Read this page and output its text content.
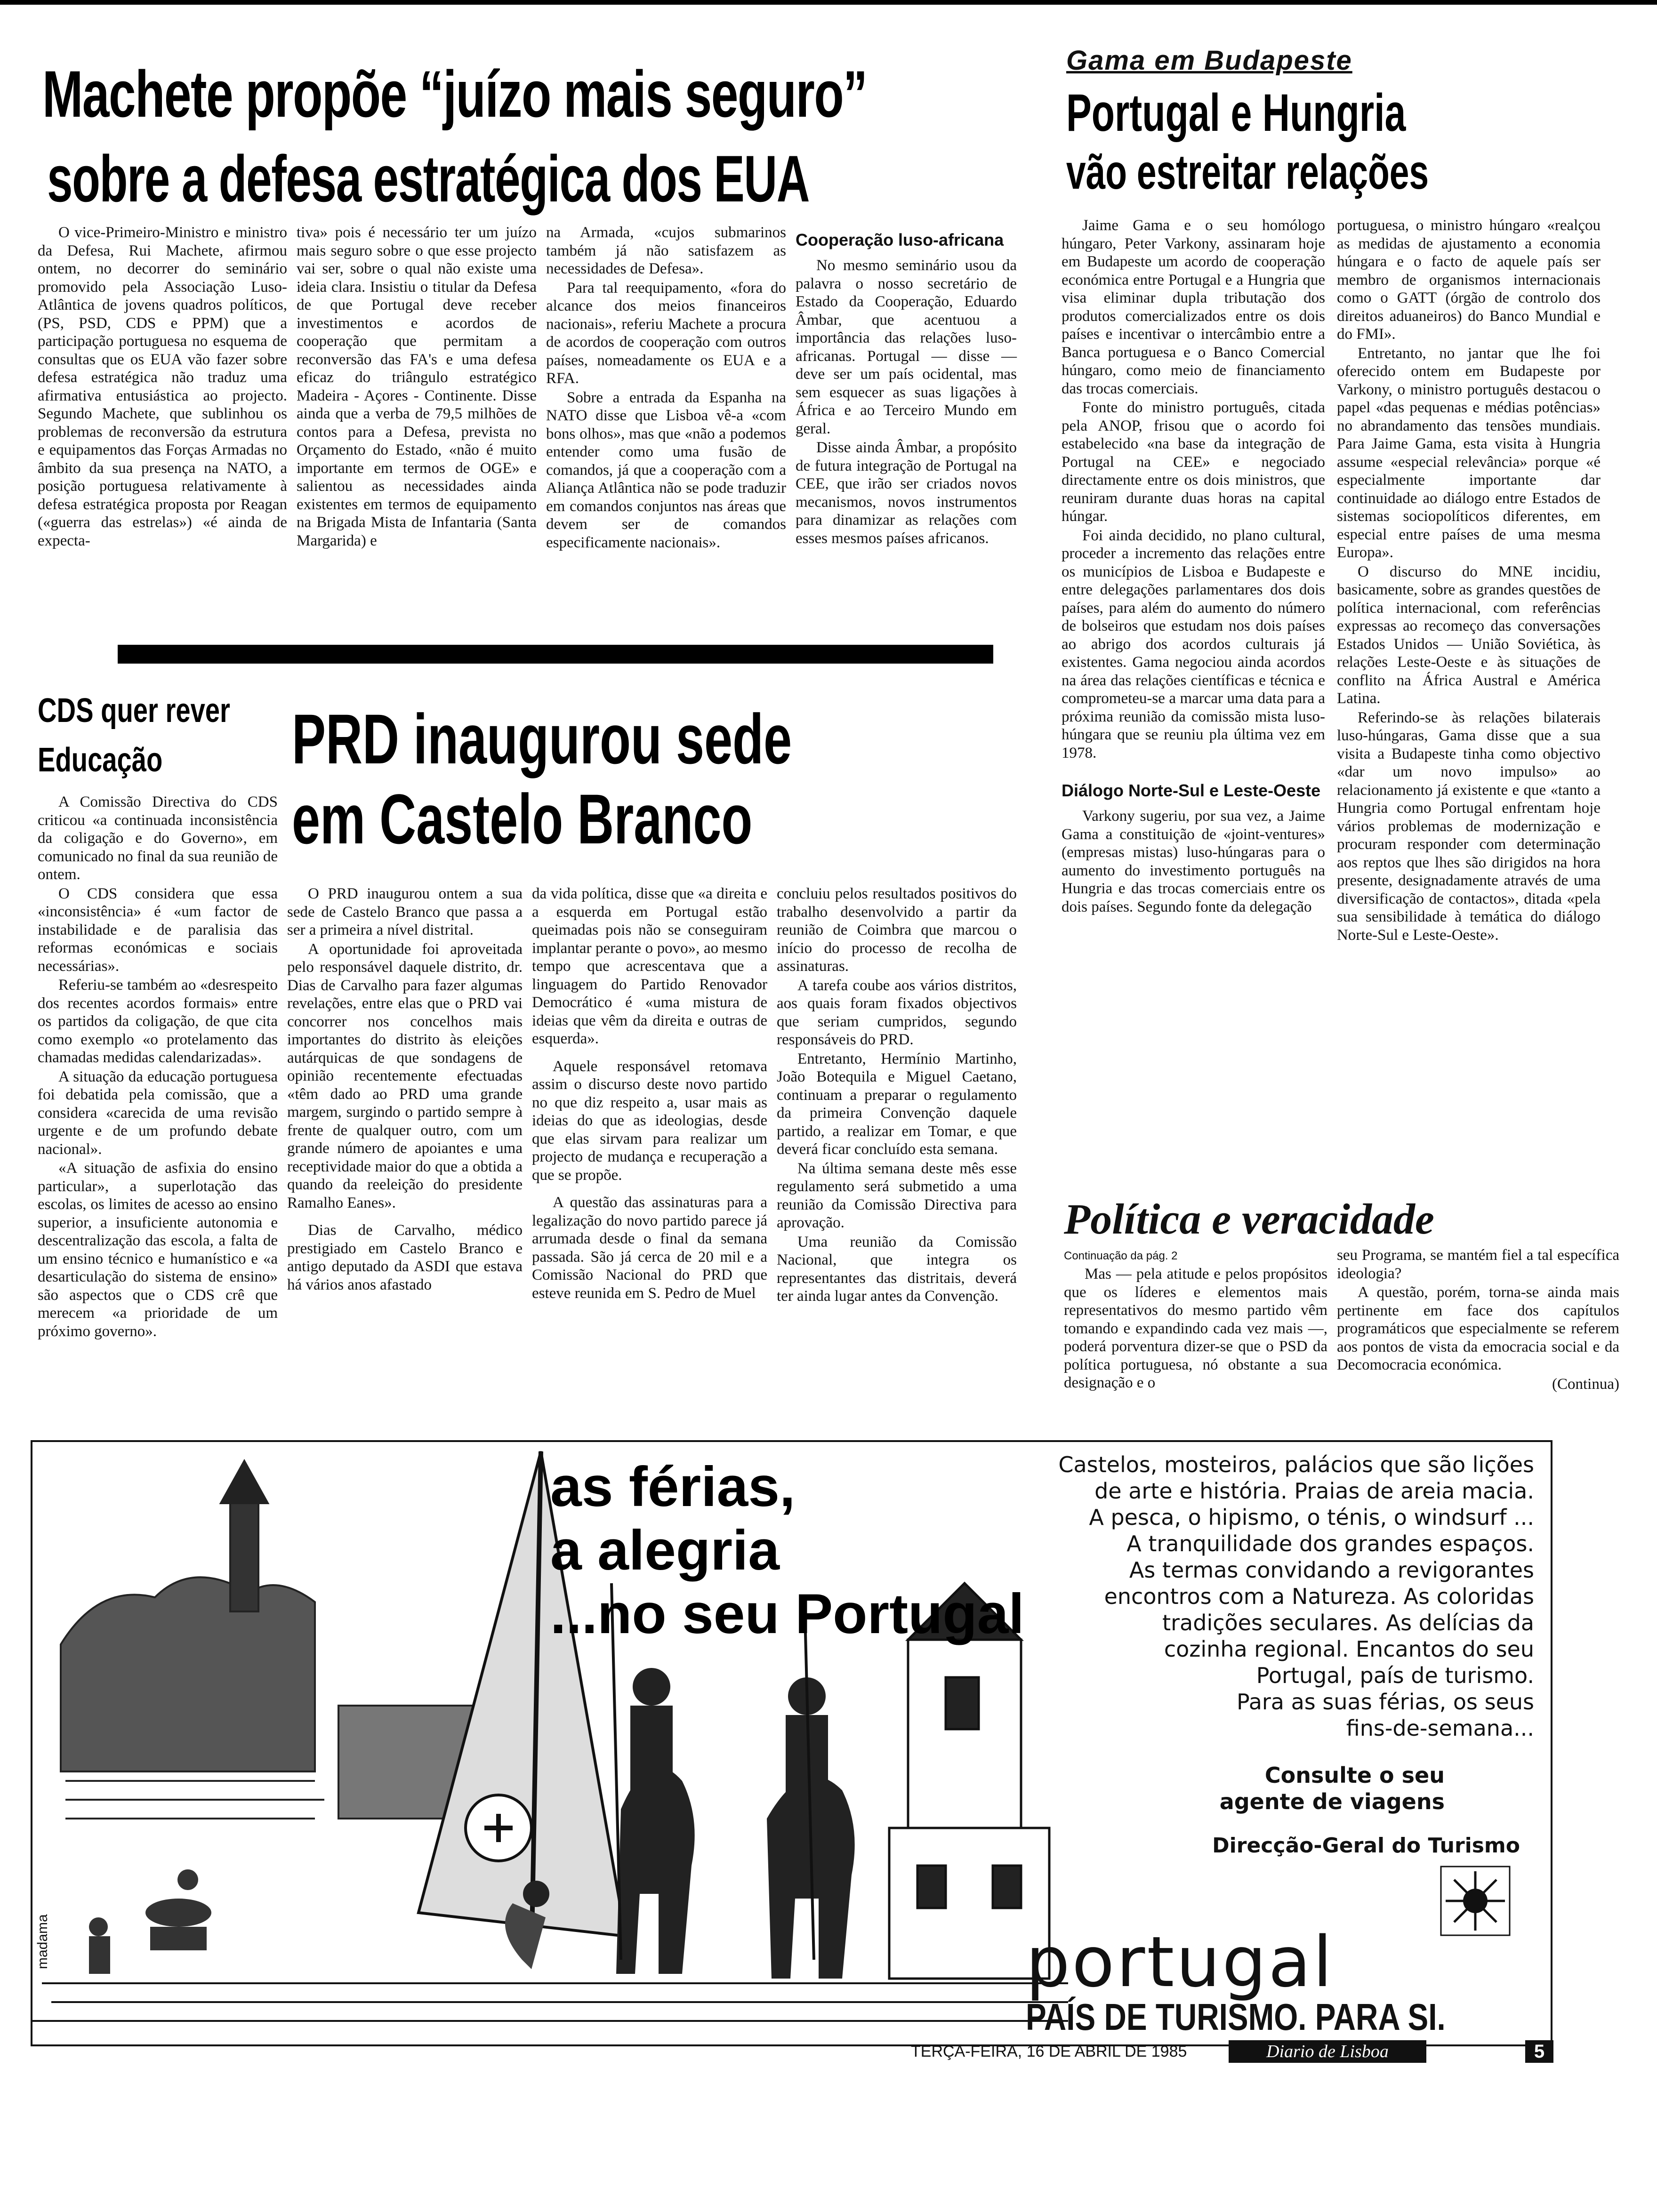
Machete propõe “juízo mais seguro”
sobre a defesa estratégica dos EUA

O vice-Primeiro-Ministro e ministro da Defesa, Rui Machete, afirmou ontem, no decorrer do seminário promovido pela Associação Luso-Atlântica de jovens quadros políticos, (PS, PSD, CDS e PPM) que a participação portuguesa no esquema de consultas que os EUA vão fazer sobre defesa estratégica não traduz uma afirmativa entusiástica ao projecto. Segundo Machete, que sublinhou os problemas de reconversão da estrutura e equipamentos das Forças Armadas no âmbito da sua presença na NATO, a posição portuguesa relativamente à defesa estratégica proposta por Reagan («guerra das estrelas») «é ainda de expecta-

tiva» pois é necessário ter um juízo mais seguro sobre o que esse projecto vai ser, sobre o qual não existe uma ideia clara. Insistiu o titular da Defesa de que Portugal deve receber investimentos e acordos de cooperação que permitam a reconversão das FA's e uma defesa eficaz do triângulo estratégico Madeira - Açores - Continente. Disse ainda que a verba de 79,5 milhões de contos para a Defesa, prevista no Orçamento do Estado, «não é muito importante em termos de OGE» e salientou as necessidades ainda existentes em termos de equipamento na Brigada Mista de Infantaria (Santa Margarida) e

na Armada, «cujos submarinos também já não satisfazem as necessidades de Defesa».

Para tal reequipamento, «fora do alcance dos meios financeiros nacionais», referiu Machete a procura de acordos de cooperação com outros países, nomeadamente os EUA e a RFA.

Sobre a entrada da Espanha na NATO disse que Lisboa vê-a «com bons olhos», mas que «não a podemos entender como uma fusão de comandos, já que a cooperação com a Aliança Atlântica não se pode traduzir em comandos conjuntos nas áreas que devem ser de comandos especificamente nacionais».

Cooperação luso-africana

No mesmo seminário usou da palavra o nosso secretário de Estado da Cooperação, Eduardo Âmbar, que acentuou a importância das relações luso-africanas. Portugal — disse — deve ser um país ocidental, mas sem esquecer as suas ligações à África e ao Terceiro Mundo em geral.

Disse ainda Âmbar, a propósito de futura integração de Portugal na CEE, que irão ser criados novos mecanismos, novos instrumentos para dinamizar as relações com esses mesmos países africanos.

Gama em Budapeste
Portugal e Hungria
vão estreitar relações

Jaime Gama e o seu homólogo húngaro, Peter Varkony, assinaram hoje em Budapeste um acordo de cooperação económica entre Portugal e a Hungria que visa eliminar dupla tributação dos produtos comercializados entre os dois países e incentivar o intercâmbio entre a Banca portuguesa e o Banco Comercial húngaro, como meio de financiamento das trocas comerciais.

Fonte do ministro português, citada pela ANOP, frisou que o acordo foi estabelecido «na base da integração de Portugal na CEE» e negociado directamente entre os dois ministros, que reuniram durante duas horas na capital húngar.

Foi ainda decidido, no plano cultural, proceder a incremento das relações entre os municípios de Lisboa e Budapeste e entre delegações parlamentares dos dois países, para além do aumento do número de bolseiros que estudam nos dois países ao abrigo dos acordos culturais já existentes. Gama negociou ainda acordos na área das relações científicas e técnica e comprometeu-se a marcar uma data para a próxima reunião da comissão mista luso-húngara que se reuniu pla última vez em 1978.

Diálogo Norte-Sul e Leste-Oeste

Varkony sugeriu, por sua vez, a Jaime Gama a constituição de «joint-ventures» (empresas mistas) luso-húngaras para o aumento do investimento português na Hungria e das trocas comerciais entre os dois países. Segundo fonte da delegação

portuguesa, o ministro húngaro «realçou as medidas de ajustamento a economia húngara e o facto de aquele país ser membro de organismos internacionais como o GATT (órgão de controlo dos direitos aduaneiros) do Banco Mundial e do FMI».

Entretanto, no jantar que lhe foi oferecido ontem em Budapeste por Varkony, o ministro português destacou o papel «das pequenas e médias potências» no abrandamento das tensões mundiais. Para Jaime Gama, esta visita à Hungria assume «especial relevância» porque «é especialmente importante dar continuidade ao diálogo entre Estados de sistemas sociopolíticos diferentes, em especial entre países de uma mesma Europa».

O discurso do MNE incidiu, basicamente, sobre as grandes questões de política internacional, com referências expressas ao recomeço das conversações Estados Unidos — União Soviética, às relações Leste-Oeste e às situações de conflito na África Austral e América Latina.

Referindo-se às relações bilaterais luso-húngaras, Gama disse que a sua visita a Budapeste tinha como objectivo «dar um novo impulso» ao relacionamento já existente e que «tanto a Hungria como Portugal enfrentam hoje vários problemas de modernização e procuram responder com determinação aos reptos que lhes são dirigidos na hora presente, designadamente através de uma diversificação de contactos», ditada «pela sua sensibilidade à temática do diálogo Norte-Sul e Leste-Oeste».

CDS quer rever
Educação

A Comissão Directiva do CDS criticou «a continuada inconsistência da coligação e do Governo», em comunicado no final da sua reunião de ontem.

O CDS considera que essa «inconsistência» é «um factor de instabilidade e de paralisia das reformas económicas e sociais necessárias».

Referiu-se também ao «desrespeito dos recentes acordos formais» entre os partidos da coligação, de que cita como exemplo «o protelamento das chamadas medidas calendarizadas».

A situação da educação portuguesa foi debatida pela comissão, que a considera «carecida de uma revisão urgente e de um profundo debate nacional».

«A situação de asfixia do ensino particular», a superlotação das escolas, os limites de acesso ao ensino superior, a insuficiente autonomia e descentralização das escola, a falta de um ensino técnico e humanístico e «a desarticulação do sistema de ensino» são aspectos que o CDS crê que merecem «a prioridade de um próximo governo».

PRD inaugurou sede
em Castelo Branco

O PRD inaugurou ontem a sua sede de Castelo Branco que passa a ser a primeira a nível distrital.

A oportunidade foi aproveitada pelo responsável daquele distrito, dr. Dias de Carvalho para fazer algumas revelações, entre elas que o PRD vai concorrer nos concelhos mais importantes do distrito às eleições autárquicas de que sondagens de opinião recentemente efectuadas «têm dado ao PRD uma grande margem, surgindo o partido sempre à frente de qualquer outro, com um grande número de apoiantes e uma receptividade maior do que a obtida a quando da reeleição do presidente Ramalho Eanes».

Dias de Carvalho, médico prestigiado em Castelo Branco e antigo deputado da ASDI que estava há vários anos afastado

da vida política, disse que «a direita e a esquerda em Portugal estão queimadas pois não se conseguiram implantar perante o povo», ao mesmo tempo que acrescentava que a linguagem do Partido Renovador Democrático é «uma mistura de ideias que vêm da direita e outras de esquerda».

Aquele responsável retomava assim o discurso deste novo partido no que diz respeito a, usar mais as ideias do que as ideologias, desde que elas sirvam para realizar um projecto de mudança e recuperação a que se propõe.

A questão das assinaturas para a legalização do novo partido parece já arrumada desde o final da semana passada. São já cerca de 20 mil e a Comissão Nacional do PRD que esteve reunida em S. Pedro de Muel

concluiu pelos resultados positivos do trabalho desenvolvido a partir da reunião de Coimbra que marcou o início do processo de recolha de assinaturas.

A tarefa coube aos vários distritos, aos quais foram fixados objectivos que seriam cumpridos, segundo responsáveis do PRD.

Entretanto, Hermínio Martinho, João Botequila e Miguel Caetano, continuam a preparar o regulamento da primeira Convenção daquele partido, a realizar em Tomar, e que deverá ficar concluído esta semana.

Na última semana deste mês esse regulamento será submetido a uma reunião da Comissão Directiva para aprovação.

Uma reunião da Comissão Nacional, que integra os representantes das distritais, deverá ter ainda lugar antes da Convenção.

Política e veracidade
Continuação da pág. 2

Mas — pela atitude e pelos propósitos que os líderes e elementos mais representativos do mesmo partido vêm tomando e expandindo cada vez mais —, poderá porventura dizer-se que o PSD da política portuguesa, nó obstante a sua designação e o

seu Programa, se mantém fiel a tal específica ideologia?

A questão, porém, torna-se ainda mais pertinente em face dos capítulos programáticos que especialmente se referem aos pontos de vista da emocracia social e da Decomocracia económica.

(Continua)

as férias,
a alegria
...no seu Portugal
Castelos, mosteiros, palácios que são lições
de arte e história. Praias de areia macia.
A pesca, o hipismo, o ténis, o windsurf ...
A tranquilidade dos grandes espaços.
As termas convidando a revigorantes
encontros com a Natureza. As coloridas
tradições seculares. As delícias da
cozinha regional. Encantos do seu
Portugal, país de turismo.
Para as suas férias, os seus
fins-de-semana...
Consulte o seu
agente de viagens
Direcção-Geral do Turismo
portugal
PAÍS DE TURISMO. PARA SI.
madama
TERÇA-FEIRA, 16 DE ABRIL DE 1985	Diario de Lisboa	5
